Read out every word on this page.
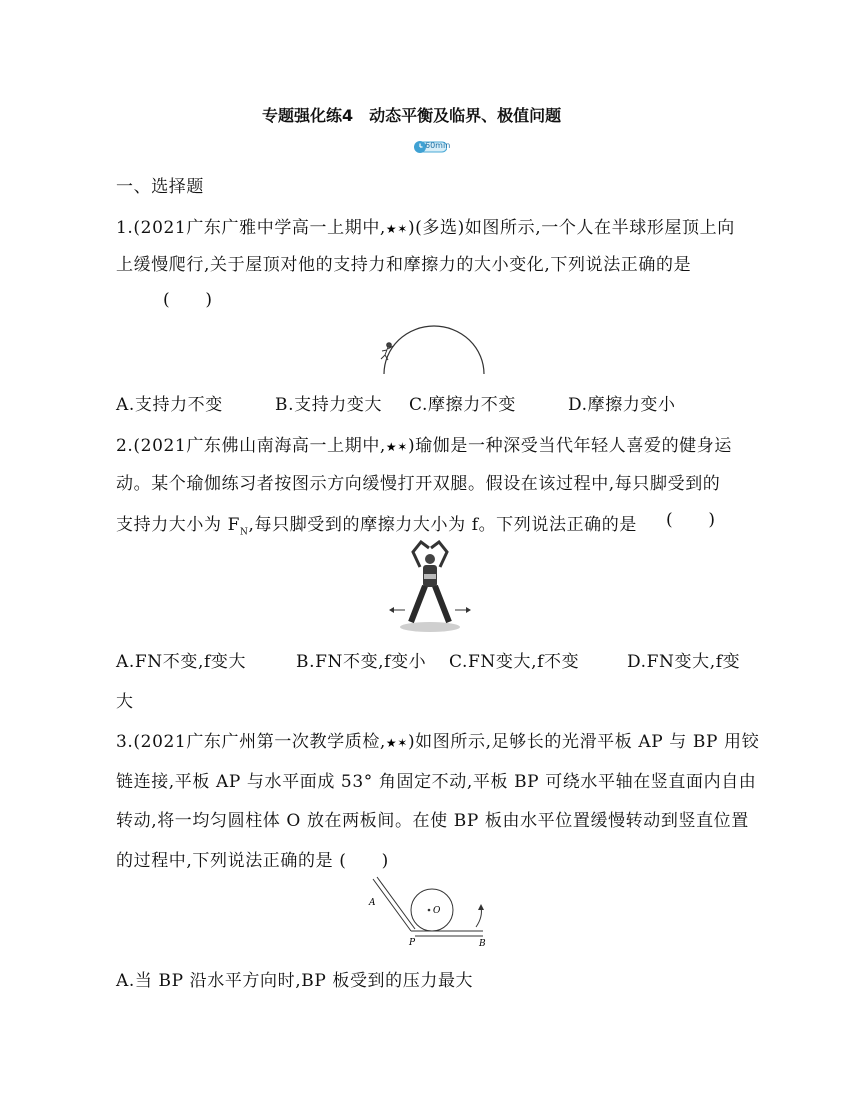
专题强化练4 动态平衡及临界、极值问题
60min
一、选择题
1.(2021广东广雅中学高一上期中,★✶)(多选)如图所示,一个人在半球形屋顶上向
上缓慢爬行,关于屋顶对他的支持力和摩擦力的大小变化,下列说法正确的是
(  )
A.支持力不变	B.支持力变大 C.摩擦力不变	D.摩擦力变小
2.(2021广东佛山南海高一上期中,★✶)瑜伽是一种深受当代年轻人喜爱的健身运
动。某个瑜伽练习者按图示方向缓慢打开双腿。假设在该过程中,每只脚受到的
支持力大小为 $F_N$,每只脚受到的摩擦力大小为 f。下列说法正确的是 (  )
A.FN不变,f变大	B.FN不变,f变小 C.FN变大,f不变	D.FN变大,f变
大
3.(2021广东广州第一次教学质检,★✶)如图所示,足够长的光滑平板 AP 与 BP 用铰
链连接,平板 AP 与水平面成 53° 角固定不动,平板 BP 可绕水平轴在竖直面内自由
转动,将一均匀圆柱体 O 放在两板间。在使 BP 板由水平位置缓慢转动到竖直位置
的过程中,下列说法正确的是 (  )
A
O
P	B
A.当 BP 沿水平方向时,BP 板受到的压力最大
